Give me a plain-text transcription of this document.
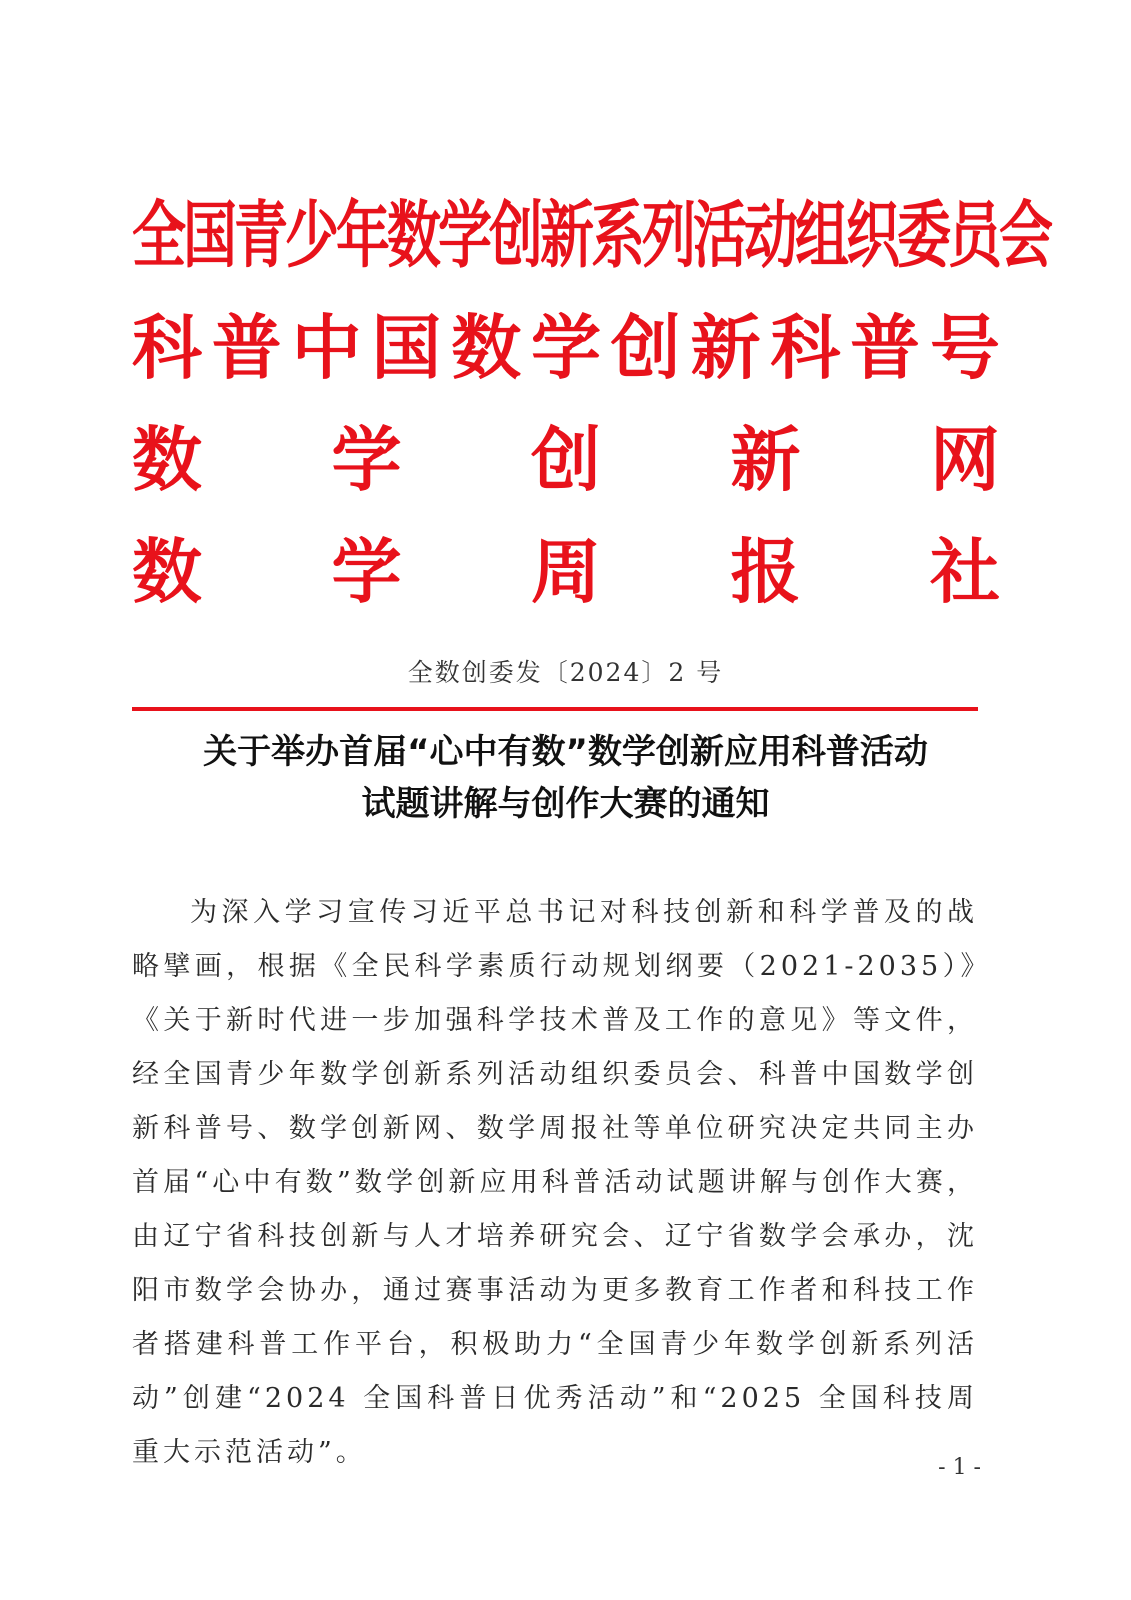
全 国 青 少 年 数 学 创 新 系 列 活 动 组 织 委 员 会
科 普 中 国 数 学 创 新 科 普 号
数 学 创 新 网
数 学 周 报 社
全数创委发〔2024〕2 号
关于举办首届“心中有数”数学创新应用科普活动
试题讲解与创作大赛的通知
为深入学习宣传习近平总书记对科技创新和科学普及的战略擘画，根据《全民科学素质行动规划纲要（2021-2035）》《关于新时代进一步加强科学技术普及工作的意见》等文件，经全国青少年数学创新系列活动组织委员会、科普中国数学创新科普号、数学创新网、数学周报社等单位研究决定共同主办首届“心中有数”数学创新应用科普活动试题讲解与创作大赛，由辽宁省科技创新与人才培养研究会、辽宁省数学会承办，沈阳市数学会协办，通过赛事活动为更多教育工作者和科技工作者搭建科普工作平台，积极助力“全国青少年数学创新系列活动”创建“2024 全国科普日优秀活动”和“2025 全国科技周重大示范活动”。	- 1 -
